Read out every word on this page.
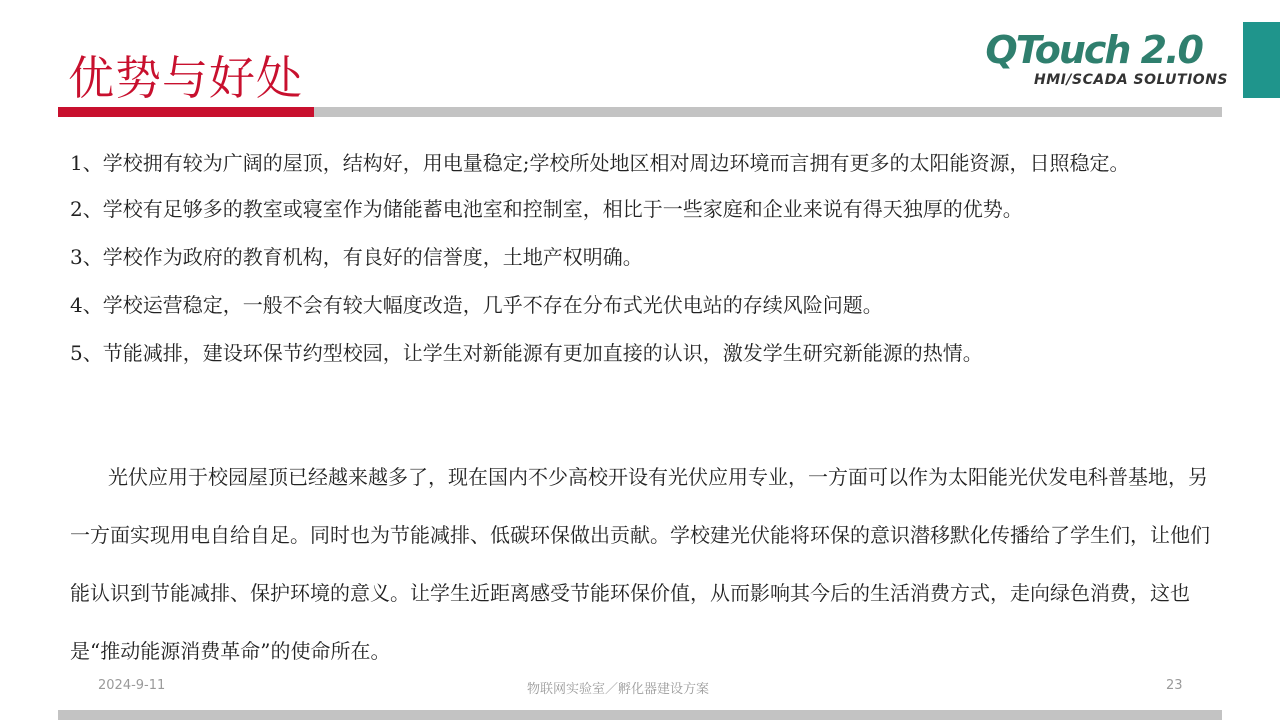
优势与好处
QTouch 2.0
HMI/SCADA SOLUTIONS
1、学校拥有较为广阔的屋顶，结构好，用电量稳定;学校所处地区相对周边环境而言拥有更多的太阳能资源，日照稳定。
2、学校有足够多的教室或寝室作为储能蓄电池室和控制室，相比于一些家庭和企业来说有得天独厚的优势。
3、学校作为政府的教育机构，有良好的信誉度，土地产权明确。
4、学校运营稳定，一般不会有较大幅度改造，几乎不存在分布式光伏电站的存续风险问题。
5、节能减排，建设环保节约型校园，让学生对新能源有更加直接的认识，激发学生研究新能源的热情。
光伏应用于校园屋顶已经越来越多了，现在国内不少高校开设有光伏应用专业，一方面可以作为太阳能光伏发电科普基地，另一方面实现用电自给自足。同时也为节能减排、低碳环保做出贡献。学校建光伏能将环保的意识潜移默化传播给了学生们，让他们能认识到节能减排、保护环境的意义。让学生近距离感受节能环保价值，从而影响其今后的生活消费方式，走向绿色消费，这也是“推动能源消费革命”的使命所在。
2024-9-11	物联网实验室／孵化器建设方案	23
